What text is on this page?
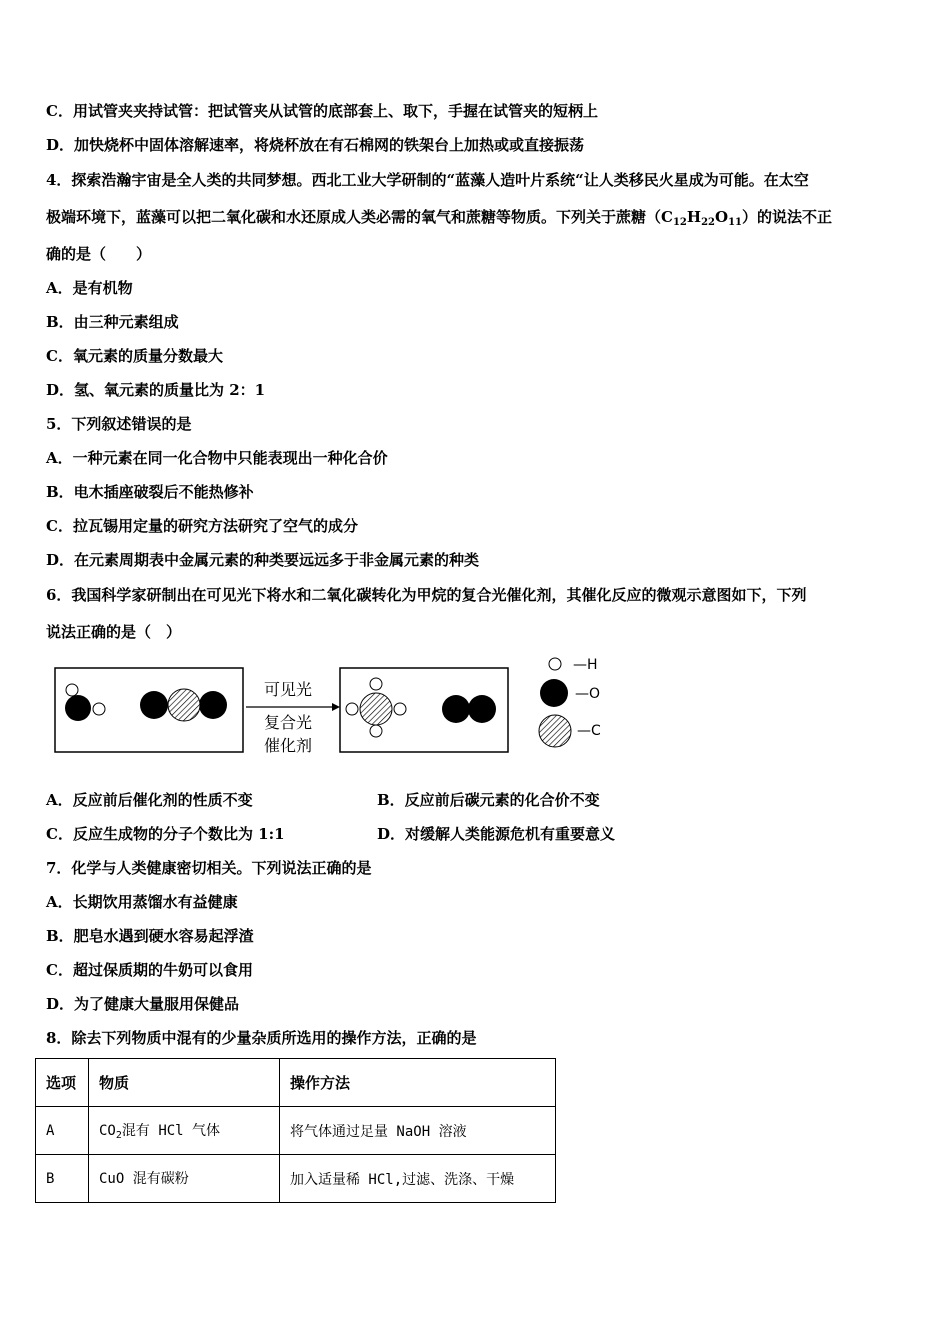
C．用试管夹夹持试管：把试管夹从试管的底部套上、取下，手握在试管夹的短柄上
D．加快烧杯中固体溶解速率，将烧杯放在有石棉网的铁架台上加热或或直接振荡
4．探索浩瀚宇宙是全人类的共同梦想。西北工业大学研制的“蓝藻人造叶片系统“让人类移民火星成为可能。在太空
极端环境下，蓝藻可以把二氧化碳和水还原成人类必需的氧气和蔗糖等物质。下列关于蔗糖$(C_{12}H_{22}O_{11})$的说法不正
确的是（　　）
A．是有机物
B．由三种元素组成
C．氧元素的质量分数最大
D．氢、氧元素的质量比为 2：1
5．下列叙述错误的是
A．一种元素在同一化合物中只能表现出一种化合价
B．电木插座破裂后不能热修补
C．拉瓦锡用定量的研究方法研究了空气的成分
D．在元素周期表中金属元素的种类要远远多于非金属元素的种类
6．我国科学家研制出在可见光下将水和二氧化碳转化为甲烷的复合光催化剂，其催化反应的微观示意图如下，下列
说法正确的是（　）
可见光
复合光
催化剂
—H
—O
—C
A．反应前后催化剂的性质不变	B．反应前后碳元素的化合价不变
C．反应生成物的分子个数比为 1:1	D．对缓解人类能源危机有重要意义
7．化学与人类健康密切相关。下列说法正确的是
A．长期饮用蒸馏水有益健康
B．肥皂水遇到硬水容易起浮渣
C．超过保质期的牛奶可以食用
D．为了健康大量服用保健品
8．除去下列物质中混有的少量杂质所选用的操作方法，正确的是
选项	物质	操作方法
A	$CO_2$混有 HCl 气体	将气体通过足量 NaOH 溶液
B	CuO 混有碳粉	加入适量稀 HCl,过滤、洗涤、干燥
